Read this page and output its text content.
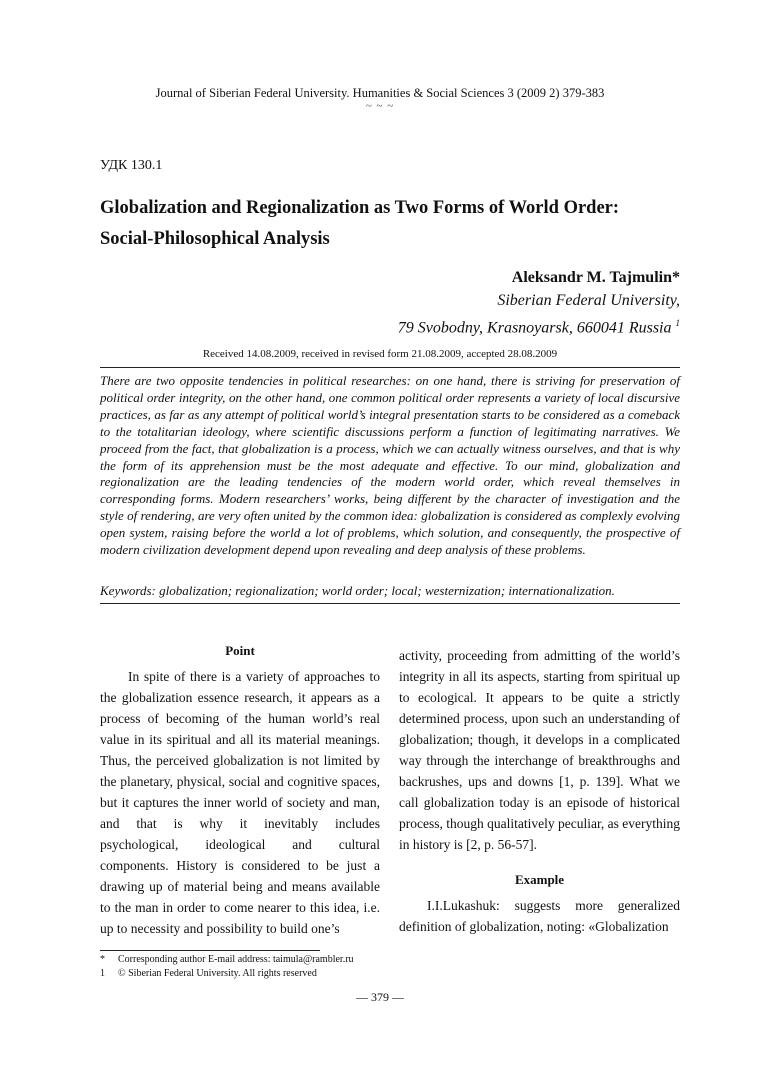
Journal of Siberian Federal University. Humanities & Social Sciences 3 (2009 2) 379-383
~ ~ ~
УДК 130.1
Globalization and Regionalization as Two Forms of World Order:
Social-Philosophical Analysis
Aleksandr M. Tajmulin*
Siberian Federal University,
79 Svobodny, Krasnoyarsk, 660041 Russia $^1$
Received 14.08.2009, received in revised form 21.08.2009, accepted 28.08.2009
There are two opposite tendencies in political researches: on one hand, there is striving for preservation of political order integrity, on the other hand, one common political order represents a variety of local discursive practices, as far as any attempt of political world’s integral presentation starts to be considered as a comeback to the totalitarian ideology, where scientific discussions perform a function of legitimating narratives. We proceed from the fact, that globalization is a process, which we can actually witness ourselves, and that is why the form of its apprehension must be the most adequate and effective. To our mind, globalization and regionalization are the leading tendencies of the modern world order, which reveal themselves in corresponding forms. Modern researchers’ works, being different by the character of investigation and the style of rendering, are very often united by the common idea: globalization is considered as complexly evolving open system, raising before the world a lot of problems, which solution, and consequently, the prospective of modern civilization development depend upon revealing and deep analysis of these problems.
Keywords: globalization; regionalization; world order; local; westernization; internationalization.

Point

In spite of there is a variety of approaches to the globalization essence research, it appears as a process of becoming of the human world’s real value in its spiritual and all its material meanings. Thus, the perceived globalization is not limited by the planetary, physical, social and cognitive spaces, but it captures the inner world of society and man, and that is why it inevitably includes psychological, ideological and cultural components. History is considered to be just a drawing up of material being and means available to the man in order to come nearer to this idea, i.e. up to necessity and possibility to build one’s

activity, proceeding from admitting of the world’s integrity in all its aspects, starting from spiritual up to ecological. It appears to be quite a strictly determined process, upon such an understanding of globalization; though, it develops in a complicated way through the interchange of breakthroughs and backrushes, ups and downs [1, p. 139]. What we call globalization today is an episode of historical process, though qualitatively peculiar, as everything in history is [2, p. 56-57].

Example

I.I.Lukashuk: suggests more generalized definition of globalization, noting: «Globalization

* Corresponding author E-mail address: taimula@rambler.ru
1 © Siberian Federal University. All rights reserved
— 379 —
